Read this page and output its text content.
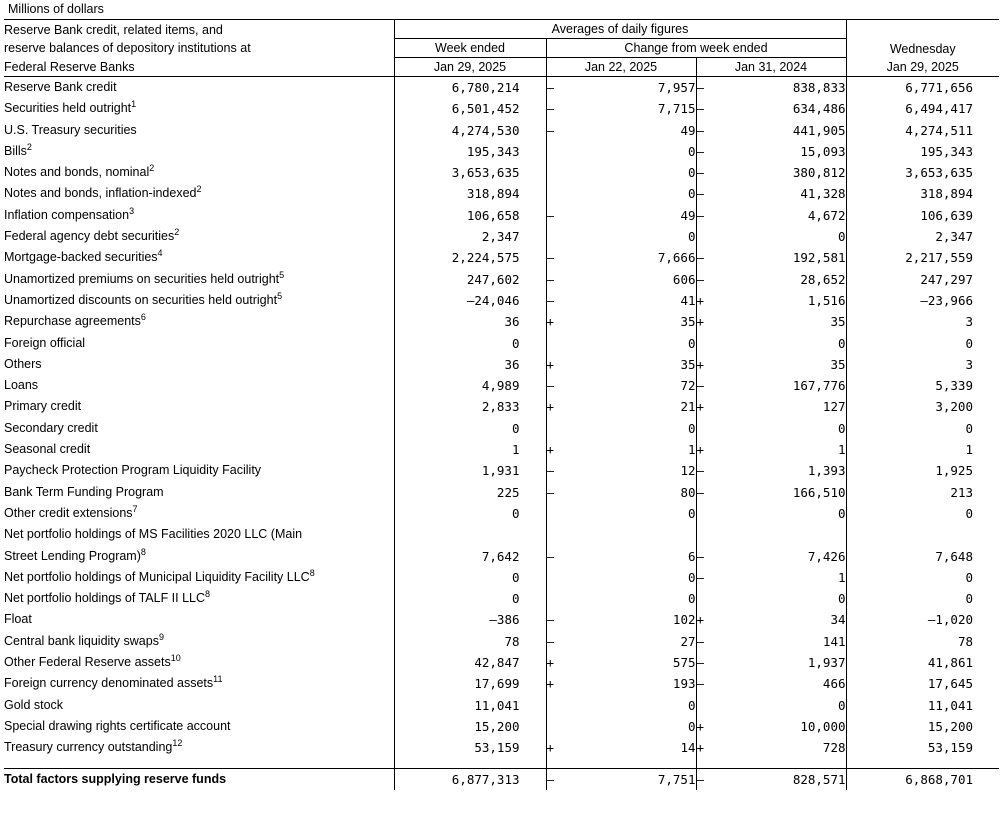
Millions of dollars
Reserve Bank credit, related items, and
reserve balances of depository institutions at
Federal Reserve Banks	Averages of daily figures					Wednesday
	Week ended	Change from week ended				
	Jan 29, 2025	Jan 22, 2025		Jan 31, 2024		Jan 29, 2025
Reserve Bank credit	6,780,214	–	7,957	–	838,833	6,771,656
Securities held outright$^1$	6,501,452	–	7,715	–	634,486	6,494,417
U.S. Treasury securities	4,274,530	–	49	–	441,905	4,274,511
Bills$^2$	195,343		0	–	15,093	195,343
Notes and bonds, nominal$^2$	3,653,635		0	–	380,812	3,653,635
Notes and bonds, inflation-indexed$^2$	318,894		0	–	41,328	318,894
Inflation compensation$^3$	106,658	–	49	–	4,672	106,639
Federal agency debt securities$^2$	2,347		0		0	2,347
Mortgage-backed securities$^4$	2,224,575	–	7,666	–	192,581	2,217,559
Unamortized premiums on securities held outright$^5$	247,602	–	606	–	28,652	247,297
Unamortized discounts on securities held outright$^5$	–24,046	–	41	+	1,516	–23,966
Repurchase agreements$^6$	36	+	35	+	35	3
Foreign official	0		0		0	0
Others	36	+	35	+	35	3
Loans	4,989	–	72	–	167,776	5,339
Primary credit	2,833	+	21	+	127	3,200
Secondary credit	0		0		0	0
Seasonal credit	1	+	1	+	1	1
Paycheck Protection Program Liquidity Facility	1,931	–	12	–	1,393	1,925
Bank Term Funding Program	225	–	80	–	166,510	213
Other credit extensions$^7$	0		0		0	0
Net portfolio holdings of MS Facilities 2020 LLC (Main						
Street Lending Program)$^8$	7,642	–	6	–	7,426	7,648
Net portfolio holdings of Municipal Liquidity Facility LLC$^8$	0		0	–	1	0
Net portfolio holdings of TALF II LLC$^8$	0		0		0	0
Float	–386	–	102	+	34	–1,020
Central bank liquidity swaps$^9$	78	–	27	–	141	78
Other Federal Reserve assets$^{10}$	42,847	+	575	–	1,937	41,861
Foreign currency denominated assets$^{11}$	17,699	+	193	–	466	17,645
Gold stock	11,041		0		0	11,041
Special drawing rights certificate account	15,200		0	+	10,000	15,200
Treasury currency outstanding$^{12}$	53,159	+	14	+	728	53,159

Total factors supplying reserve funds	6,877,313	–	7,751	–	828,571	6,868,701
